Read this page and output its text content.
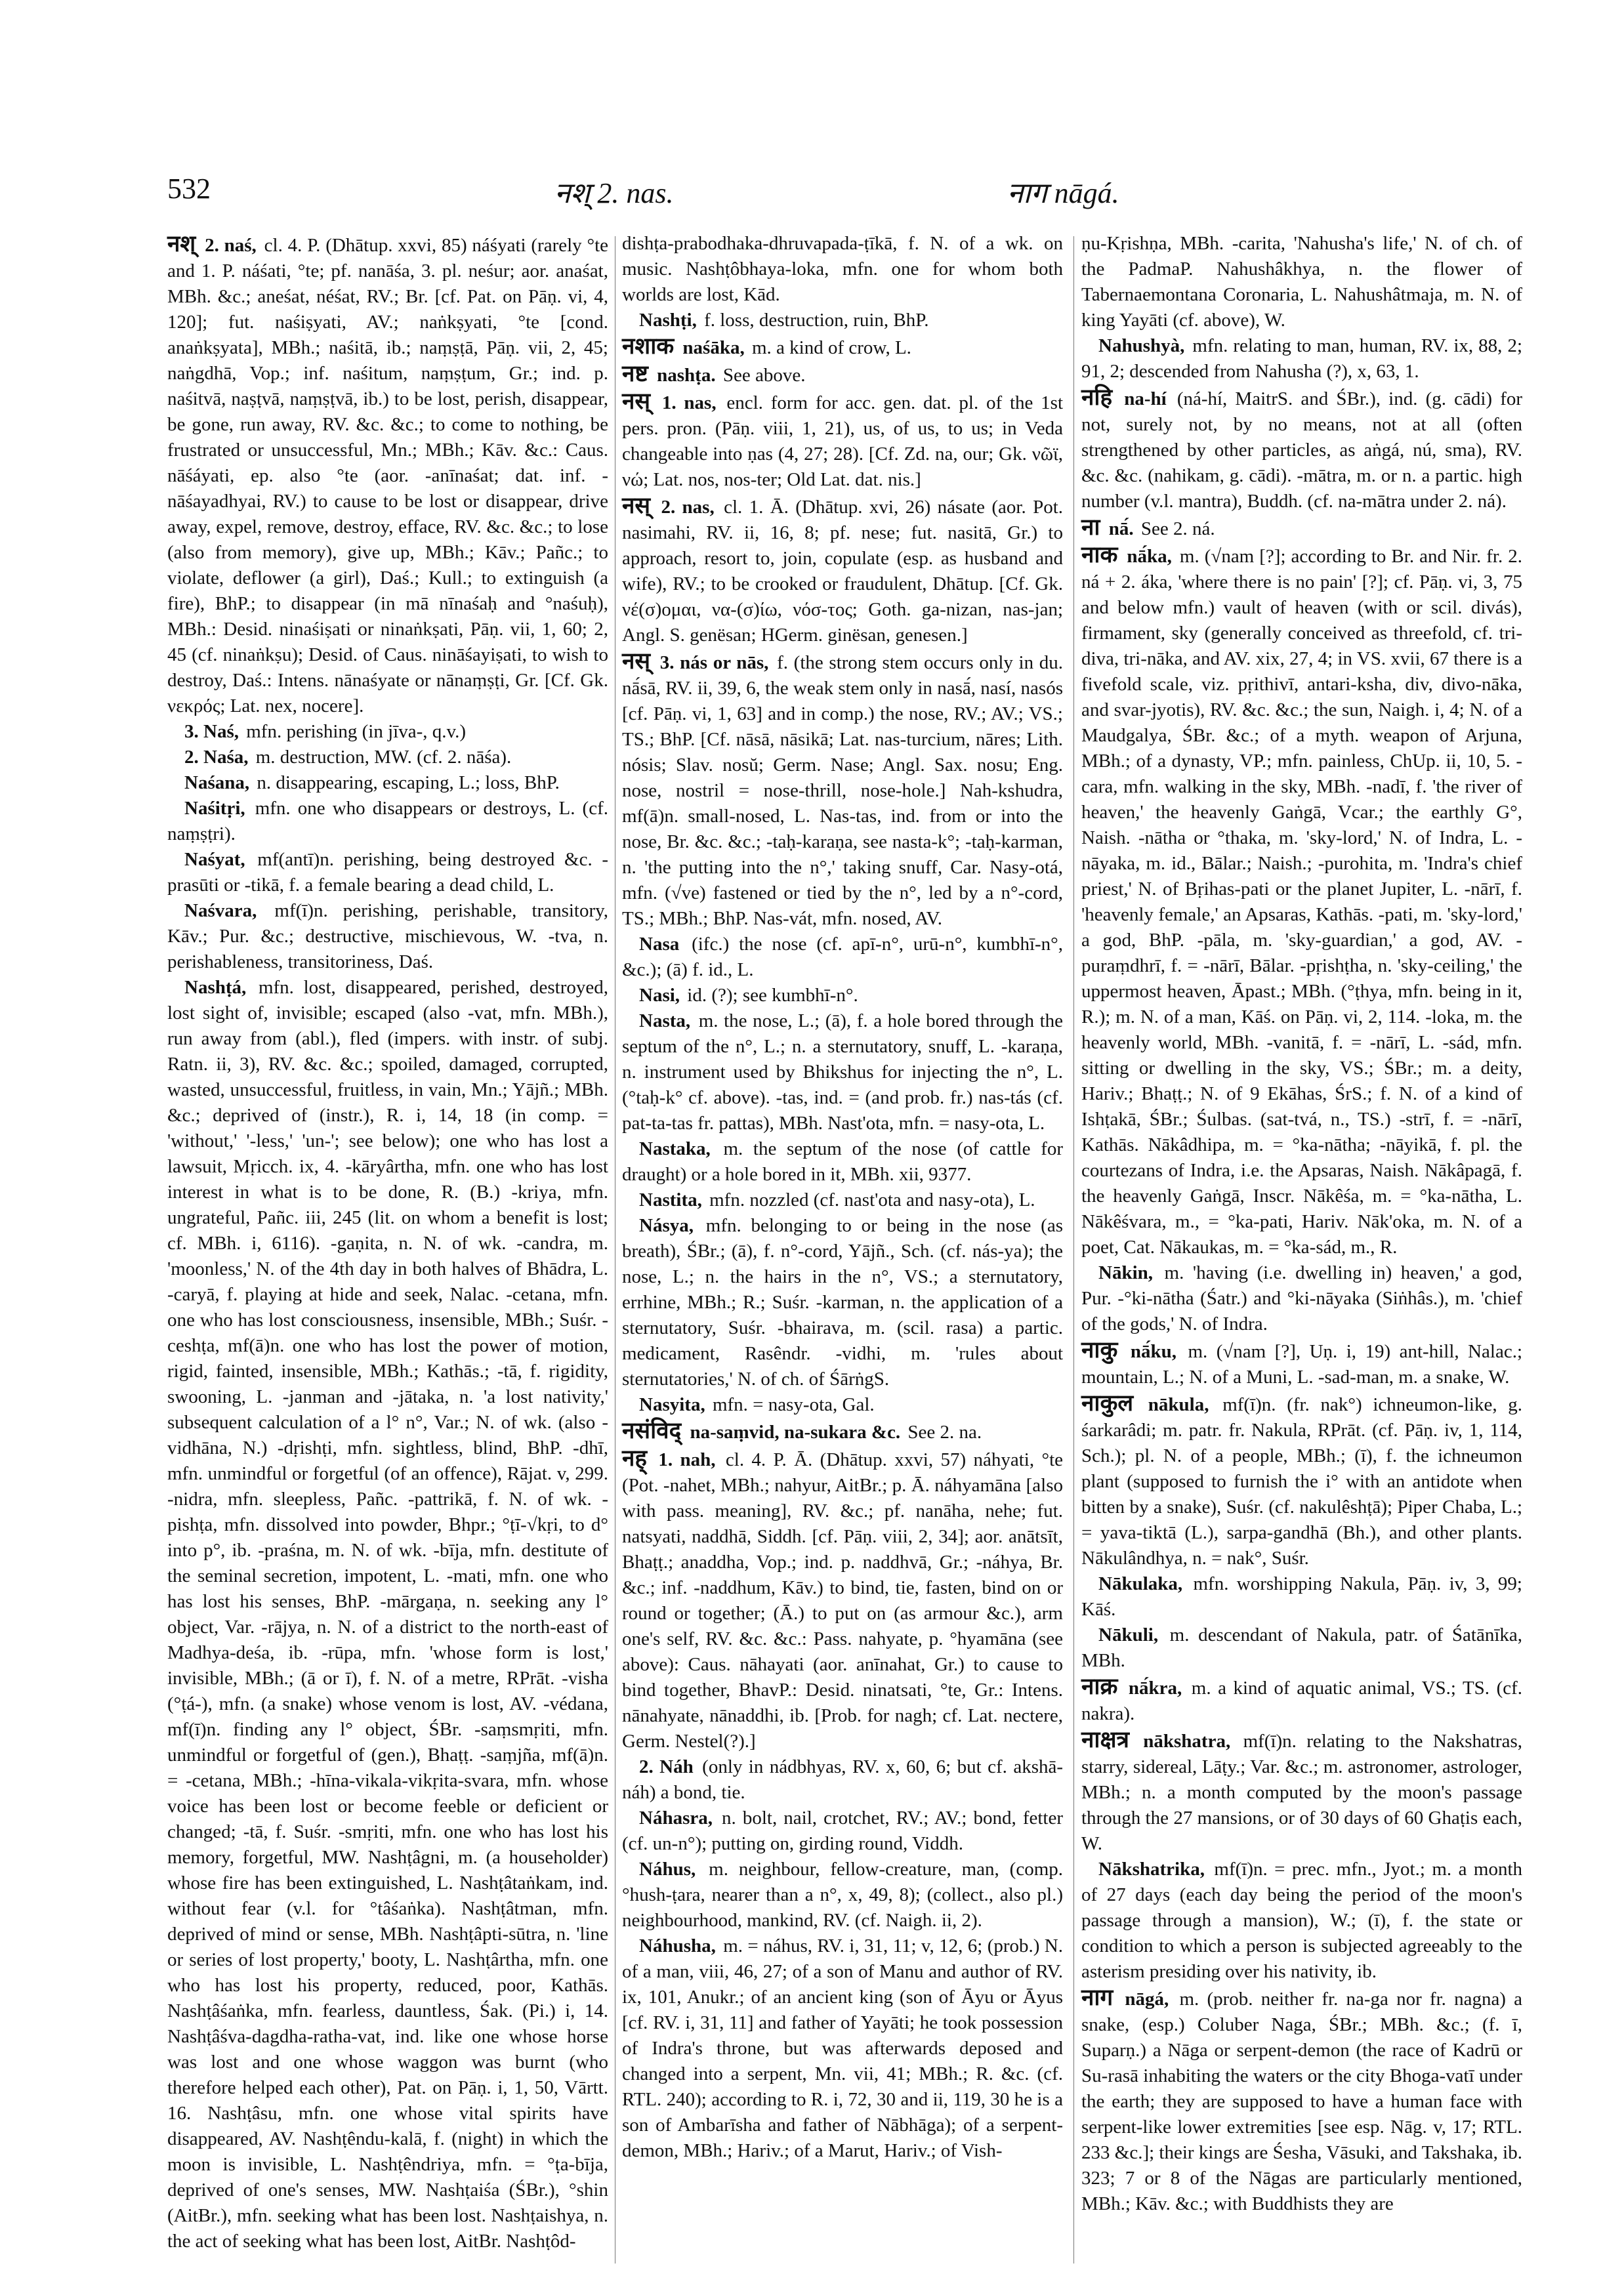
532	नश् 2. nas.	नाग nāgá.

नश् 2. naś, cl. 4. P. (Dhātup. xxvi, 85) náśyati (rarely °te and 1. P. náśati, °te; pf. nanāśa, 3. pl. neśur; aor. anaśat, MBh. &c.; aneśat, néśat, RV.; Br. [cf. Pat. on Pāṇ. vi, 4, 120]; fut. naśiṣyati, AV.; naṅkṣyati, °te [cond. anaṅkṣyata], MBh.; naśitā, ib.; naṃṣṭā, Pāṇ. vii, 2, 45; naṅgdhā, Vop.; inf. naśitum, naṃṣṭum, Gr.; ind. p. naśitvā, naṣṭvā, naṃṣṭvā, ib.) to be lost, perish, disappear, be gone, run away, RV. &c. &c.; to come to nothing, be frustrated or unsuccessful, Mn.; MBh.; Kāv. &c.: Caus. nāśáyati, ep. also °te (aor. -anīnaśat; dat. inf. -nāśayadhyai, RV.) to cause to be lost or disappear, drive away, expel, remove, destroy, efface, RV. &c. &c.; to lose (also from memory), give up, MBh.; Kāv.; Pañc.; to violate, deflower (a girl), Daś.; Kull.; to extinguish (a fire), BhP.; to disappear (in mā nīnaśaḥ and °naśuḥ), MBh.: Desid. ninaśiṣati or ninaṅkṣati, Pāṇ. vii, 1, 60; 2, 45 (cf. ninaṅkṣu); Desid. of Caus. nināśayiṣati, to wish to destroy, Daś.: Intens. nānaśyate or nānaṃṣṭi, Gr. [Cf. Gk. νεκρός; Lat. nex, nocere].

3. Naś, mfn. perishing (in jīva-, q.v.)

2. Naśa, m. destruction, MW. (cf. 2. nāśa).

Naśana, n. disappearing, escaping, L.; loss, BhP.

Naśitṛi, mfn. one who disappears or destroys, L. (cf. naṃṣṭri).

Naśyat, mf(antī)n. perishing, being destroyed &c. -prasūti or -tikā, f. a female bearing a dead child, L.

Naśvara, mf(ī)n. perishing, perishable, transitory, Kāv.; Pur. &c.; destructive, mischievous, W. -tva, n. perishableness, transitoriness, Daś.

Nashṭá, mfn. lost, disappeared, perished, destroyed, lost sight of, invisible; escaped (also -vat, mfn. MBh.), run away from (abl.), fled (impers. with instr. of subj. Ratn. ii, 3), RV. &c. &c.; spoiled, damaged, corrupted, wasted, unsuccessful, fruitless, in vain, Mn.; Yājñ.; MBh. &c.; deprived of (instr.), R. i, 14, 18 (in comp. = 'without,' '-less,' 'un-'; see below); one who has lost a lawsuit, Mṛicch. ix, 4. -kāryârtha, mfn. one who has lost interest in what is to be done, R. (B.) -kriya, mfn. ungrateful, Pañc. iii, 245 (lit. on whom a benefit is lost; cf. MBh. i, 6116). -gaṇita, n. N. of wk. -candra, m. 'moonless,' N. of the 4th day in both halves of Bhādra, L. -caryā, f. playing at hide and seek, Nalac. -cetana, mfn. one who has lost consciousness, insensible, MBh.; Suśr. -ceshṭa, mf(ā)n. one who has lost the power of motion, rigid, fainted, insensible, MBh.; Kathās.; -tā, f. rigidity, swooning, L. -janman and -jātaka, n. 'a lost nativity,' subsequent calculation of a l° n°, Var.; N. of wk. (also -vidhāna, N.) -dṛishṭi, mfn. sightless, blind, BhP. -dhī, mfn. unmindful or forgetful (of an offence), Rājat. v, 299. -nidra, mfn. sleepless, Pañc. -pattrikā, f. N. of wk. -pishṭa, mfn. dissolved into powder, Bhpr.; °ṭī-√kṛi, to d° into p°, ib. -praśna, m. N. of wk. -bīja, mfn. destitute of the seminal secretion, impotent, L. -mati, mfn. one who has lost his senses, BhP. -mārgaṇa, n. seeking any l° object, Var. -rājya, n. N. of a district to the north-east of Madhya-deśa, ib. -rūpa, mfn. 'whose form is lost,' invisible, MBh.; (ā or ī), f. N. of a metre, RPrāt. -visha (°ṭá-), mfn. (a snake) whose venom is lost, AV. -védana, mf(ī)n. finding any l° object, ŚBr. -saṃsmṛiti, mfn. unmindful or forgetful of (gen.), Bhaṭṭ. -saṃjña, mf(ā)n. = -cetana, MBh.; -hīna-vikala-vikṛita-svara, mfn. whose voice has been lost or become feeble or deficient or changed; -tā, f. Suśr. -smṛiti, mfn. one who has lost his memory, forgetful, MW. Nashṭâgni, m. (a householder) whose fire has been extinguished, L. Nashṭâtaṅkam, ind. without fear (v.l. for °tâśaṅka). Nashṭâtman, mfn. deprived of mind or sense, MBh. Nashṭâpti-sūtra, n. 'line or series of lost property,' booty, L. Nashṭârtha, mfn. one who has lost his property, reduced, poor, Kathās. Nashṭâśaṅka, mfn. fearless, dauntless, Śak. (Pi.) i, 14. Nashṭâśva-dagdha-ratha-vat, ind. like one whose horse was lost and one whose waggon was burnt (who therefore helped each other), Pat. on Pāṇ. i, 1, 50, Vārtt. 16. Nashṭâsu, mfn. one whose vital spirits have disappeared, AV. Nashṭêndu-kalā, f. (night) in which the moon is invisible, L. Nashṭêndriya, mfn. = °ṭa-bīja, deprived of one's senses, MW. Nashṭaiśa (ŚBr.), °shin (AitBr.), mfn. seeking what has been lost. Nashṭaishya, n. the act of seeking what has been lost, AitBr. Nashṭôd-

dishṭa-prabodhaka-dhruvapada-ṭīkā, f. N. of a wk. on music. Nashṭôbhaya-loka, mfn. one for whom both worlds are lost, Kād.

Nashṭi, f. loss, destruction, ruin, BhP.

नशाक naśāka, m. a kind of crow, L.

नष्ट nashṭa. See above.

नस् 1. nas, encl. form for acc. gen. dat. pl. of the 1st pers. pron. (Pāṇ. viii, 1, 21), us, of us, to us; in Veda changeable into ṇas (4, 27; 28). [Cf. Zd. na, our; Gk. νῶϊ, νώ; Lat. nos, nos-ter; Old Lat. dat. nis.]

नस् 2. nas, cl. 1. Ā. (Dhātup. xvi, 26) násate (aor. Pot. nasimahi, RV. ii, 16, 8; pf. nese; fut. nasitā, Gr.) to approach, resort to, join, copulate (esp. as husband and wife), RV.; to be crooked or fraudulent, Dhātup. [Cf. Gk. νέ(σ)ομαι, να-(σ)ίω, νόσ-τος; Goth. ga-nizan, nas-jan; Angl. S. genësan; HGerm. ginësan, genesen.]

नस् 3. nás or nās, f. (the strong stem occurs only in du. nā́sā, RV. ii, 39, 6, the weak stem only in nasā́, nasí, nasós [cf. Pāṇ. vi, 1, 63] and in comp.) the nose, RV.; AV.; VS.; TS.; BhP. [Cf. nāsā, nāsikā; Lat. nas-turcium, nāres; Lith. nósis; Slav. nosŭ; Germ. Nase; Angl. Sax. nosu; Eng. nose, nostril = nose-thrill, nose-hole.] Nah-kshudra, mf(ā)n. small-nosed, L. Nas-tas, ind. from or into the nose, Br. &c. &c.; -taḥ-karaṇa, see nasta-k°; -taḥ-karman, n. 'the putting into the n°,' taking snuff, Car. Nasy-otá, mfn. (√ve) fastened or tied by the n°, led by a n°-cord, TS.; MBh.; BhP. Nas-vát, mfn. nosed, AV.

Nasa (ifc.) the nose (cf. apī-n°, urū-n°, kumbhī-n°, &c.); (ā) f. id., L.

Nasi, id. (?); see kumbhī-n°.

Nasta, m. the nose, L.; (ā), f. a hole bored through the septum of the n°, L.; n. a sternutatory, snuff, L. -karaṇa, n. instrument used by Bhikshus for injecting the n°, L. (°taḥ-k° cf. above). -tas, ind. = (and prob. fr.) nas-tás (cf. pat-ta-tas fr. pattas), MBh. Nast'ota, mfn. = nasy-ota, L.

Nastaka, m. the septum of the nose (of cattle for draught) or a hole bored in it, MBh. xii, 9377.

Nastita, mfn. nozzled (cf. nast'ota and nasy-ota), L.

Násya, mfn. belonging to or being in the nose (as breath), ŚBr.; (ā), f. n°-cord, Yājñ., Sch. (cf. nás-ya); the nose, L.; n. the hairs in the n°, VS.; a sternutatory, errhine, MBh.; R.; Suśr. -karman, n. the application of a sternutatory, Suśr. -bhairava, m. (scil. rasa) a partic. medicament, Rasêndr. -vidhi, m. 'rules about sternutatories,' N. of ch. of ŚārṅgS.

Nasyita, mfn. = nasy-ota, Gal.

नसंविद् na-saṃvid, na-sukara &c. See 2. na.

नह् 1. nah, cl. 4. P. Ā. (Dhātup. xxvi, 57) náhyati, °te (Pot. -nahet, MBh.; nahyur, AitBr.; p. Ā. náhyamāna [also with pass. meaning], RV. &c.; pf. nanāha, nehe; fut. natsyati, naddhā, Siddh. [cf. Pāṇ. viii, 2, 34]; aor. anātsīt, Bhaṭṭ.; anaddha, Vop.; ind. p. naddhvā, Gr.; -náhya, Br. &c.; inf. -naddhum, Kāv.) to bind, tie, fasten, bind on or round or together; (Ā.) to put on (as armour &c.), arm one's self, RV. &c. &c.: Pass. nahyate, p. °hyamāna (see above): Caus. nāhayati (aor. anīnahat, Gr.) to cause to bind together, BhavP.: Desid. ninatsati, °te, Gr.: Intens. nānahyate, nānaddhi, ib. [Prob. for nagh; cf. Lat. nectere, Germ. Nestel(?).]

2. Náh (only in nádbhyas, RV. x, 60, 6; but cf. akshā-náh) a bond, tie.

Náhasra, n. bolt, nail, crotchet, RV.; AV.; bond, fetter (cf. un-n°); putting on, girding round, Viddh.

Náhus, m. neighbour, fellow-creature, man, (comp. °hush-ṭara, nearer than a n°, x, 49, 8); (collect., also pl.) neighbourhood, mankind, RV. (cf. Naigh. ii, 2).

Náhusha, m. = náhus, RV. i, 31, 11; v, 12, 6; (prob.) N. of a man, viii, 46, 27; of a son of Manu and author of RV. ix, 101, Anukr.; of an ancient king (son of Āyu or Āyus [cf. RV. i, 31, 11] and father of Yayāti; he took possession of Indra's throne, but was afterwards deposed and changed into a serpent, Mn. vii, 41; MBh.; R. &c. (cf. RTL. 240); according to R. i, 72, 30 and ii, 119, 30 he is a son of Ambarīsha and father of Nābhāga); of a serpent-demon, MBh.; Hariv.; of a Marut, Hariv.; of Vish-

ṇu-Kṛishṇa, MBh. -carita, 'Nahusha's life,' N. of ch. of the PadmaP. Nahushâkhya, n. the flower of Tabernaemontana Coronaria, L. Nahushâtmaja, m. N. of king Yayāti (cf. above), W.

Nahushyà, mfn. relating to man, human, RV. ix, 88, 2; 91, 2; descended from Nahusha (?), x, 63, 1.

नहि na-hí (ná-hí, MaitrS. and ŚBr.), ind. (g. cādi) for not, surely not, by no means, not at all (often strengthened by other particles, as aṅgá, nú, sma), RV. &c. &c. (nahikam, g. cādi). -mātra, m. or n. a partic. high number (v.l. mantra), Buddh. (cf. na-mātra under 2. ná).

ना nā́. See 2. ná.

नाक nā́ka, m. (√nam [?]; according to Br. and Nir. fr. 2. ná + 2. áka, 'where there is no pain' [?]; cf. Pāṇ. vi, 3, 75 and below mfn.) vault of heaven (with or scil. divás), firmament, sky (generally conceived as threefold, cf. tri-diva, tri-nāka, and AV. xix, 27, 4; in VS. xvii, 67 there is a fivefold scale, viz. pṛithivī, antari-ksha, div, divo-nāka, and svar-jyotis), RV. &c. &c.; the sun, Naigh. i, 4; N. of a Maudgalya, ŚBr. &c.; of a myth. weapon of Arjuna, MBh.; of a dynasty, VP.; mfn. painless, ChUp. ii, 10, 5. -cara, mfn. walking in the sky, MBh. -nadī, f. 'the river of heaven,' the heavenly Gaṅgā, Vcar.; the earthly G°, Naish. -nātha or °thaka, m. 'sky-lord,' N. of Indra, L. -nāyaka, m. id., Bālar.; Naish.; -purohita, m. 'Indra's chief priest,' N. of Bṛihas-pati or the planet Jupiter, L. -nārī, f. 'heavenly female,' an Apsaras, Kathās. -pati, m. 'sky-lord,' a god, BhP. -pāla, m. 'sky-guardian,' a god, AV. -puraṃdhrī, f. = -nārī, Bālar. -pṛishṭha, n. 'sky-ceiling,' the uppermost heaven, Āpast.; MBh. (°ṭhya, mfn. being in it, R.); m. N. of a man, Kāś. on Pāṇ. vi, 2, 114. -loka, m. the heavenly world, MBh. -vanitā, f. = -nārī, L. -sád, mfn. sitting or dwelling in the sky, VS.; ŚBr.; m. a deity, Hariv.; Bhaṭṭ.; N. of 9 Ekāhas, ŚrS.; f. N. of a kind of Ishṭakā, ŚBr.; Śulbas. (sat-tvá, n., TS.) -strī, f. = -nārī, Kathās. Nākâdhipa, m. = °ka-nātha; -nāyikā, f. pl. the courtezans of Indra, i.e. the Apsaras, Naish. Nākâpagā, f. the heavenly Gaṅgā, Inscr. Nākêśa, m. = °ka-nātha, L. Nākêśvara, m., = °ka-pati, Hariv. Nāk'oka, m. N. of a poet, Cat. Nākaukas, m. = °ka-sád, m., R.

Nākin, m. 'having (i.e. dwelling in) heaven,' a god, Pur. -°ki-nātha (Śatr.) and °ki-nāyaka (Siṅhâs.), m. 'chief of the gods,' N. of Indra.

नाकु nā́ku, m. (√nam [?], Uṇ. i, 19) ant-hill, Nalac.; mountain, L.; N. of a Muni, L. -sad-man, m. a snake, W.

नाकुल nākula, mf(ī)n. (fr. nak°) ichneumon-like, g. śarkarâdi; m. patr. fr. Nakula, RPrāt. (cf. Pāṇ. iv, 1, 114, Sch.); pl. N. of a people, MBh.; (ī), f. the ichneumon plant (supposed to furnish the i° with an antidote when bitten by a snake), Suśr. (cf. nakulêshṭā); Piper Chaba, L.; = yava-tiktā (L.), sarpa-gandhā (Bh.), and other plants. Nākulândhya, n. = nak°, Suśr.

Nākulaka, mfn. worshipping Nakula, Pāṇ. iv, 3, 99; Kāś.

Nākuli, m. descendant of Nakula, patr. of Śatānīka, MBh.

नाक्र nā́kra, m. a kind of aquatic animal, VS.; TS. (cf. nakra).

नाक्षत्र nākshatra, mf(ī)n. relating to the Nakshatras, starry, sidereal, Lāṭy.; Var. &c.; m. astronomer, astrologer, MBh.; n. a month computed by the moon's passage through the 27 mansions, or of 30 days of 60 Ghaṭis each, W.

Nākshatrika, mf(ī)n. = prec. mfn., Jyot.; m. a month of 27 days (each day being the period of the moon's passage through a mansion), W.; (ī), f. the state or condition to which a person is subjected agreeably to the asterism presiding over his nativity, ib.

नाग nāgá, m. (prob. neither fr. na-ga nor fr. nagna) a snake, (esp.) Coluber Naga, ŚBr.; MBh. &c.; (f. ī, Suparṇ.) a Nāga or serpent-demon (the race of Kadrū or Su-rasā inhabiting the waters or the city Bhoga-vatī under the earth; they are supposed to have a human face with serpent-like lower extremities [see esp. Nāg. v, 17; RTL. 233 &c.]; their kings are Śesha, Vāsuki, and Takshaka, ib. 323; 7 or 8 of the Nāgas are particularly mentioned, MBh.; Kāv. &c.; with Buddhists they are
